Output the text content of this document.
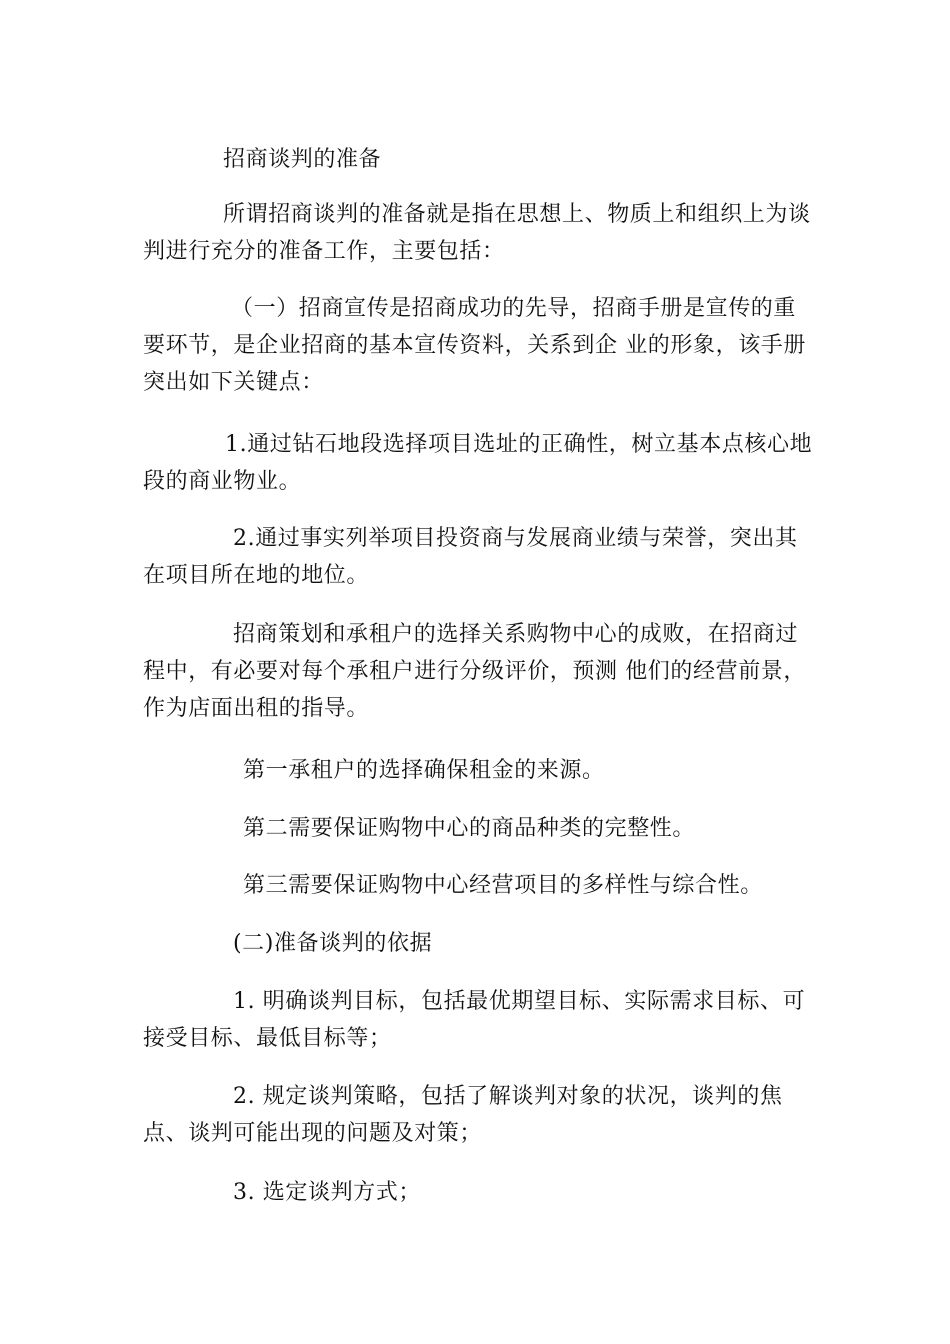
招商谈判的准备

所谓招商谈判的准备就是指在思想上、物质上和组织上为谈判进行充分的准备工作，主要包括：

（一）招商宣传是招商成功的先导，招商手册是宣传的重要环节，是企业招商的基本宣传资料，关系到企 业的形象，该手册突出如下关键点：

1.通过钻石地段选择项目选址的正确性，树立基本点核心地段的商业物业。

2.通过事实列举项目投资商与发展商业绩与荣誉，突出其在项目所在地的地位。

招商策划和承租户的选择关系购物中心的成败，在招商过程中，有必要对每个承租户进行分级评价，预测 他们的经营前景，作为店面出租的指导。

第一承租户的选择确保租金的来源。

第二需要保证购物中心的商品种类的完整性。

第三需要保证购物中心经营项目的多样性与综合性。

(二)准备谈判的依据

1. 明确谈判目标，包括最优期望目标、实际需求目标、可接受目标、最低目标等；

2. 规定谈判策略，包括了解谈判对象的状况，谈判的焦点、谈判可能出现的问题及对策；

3. 选定谈判方式；
